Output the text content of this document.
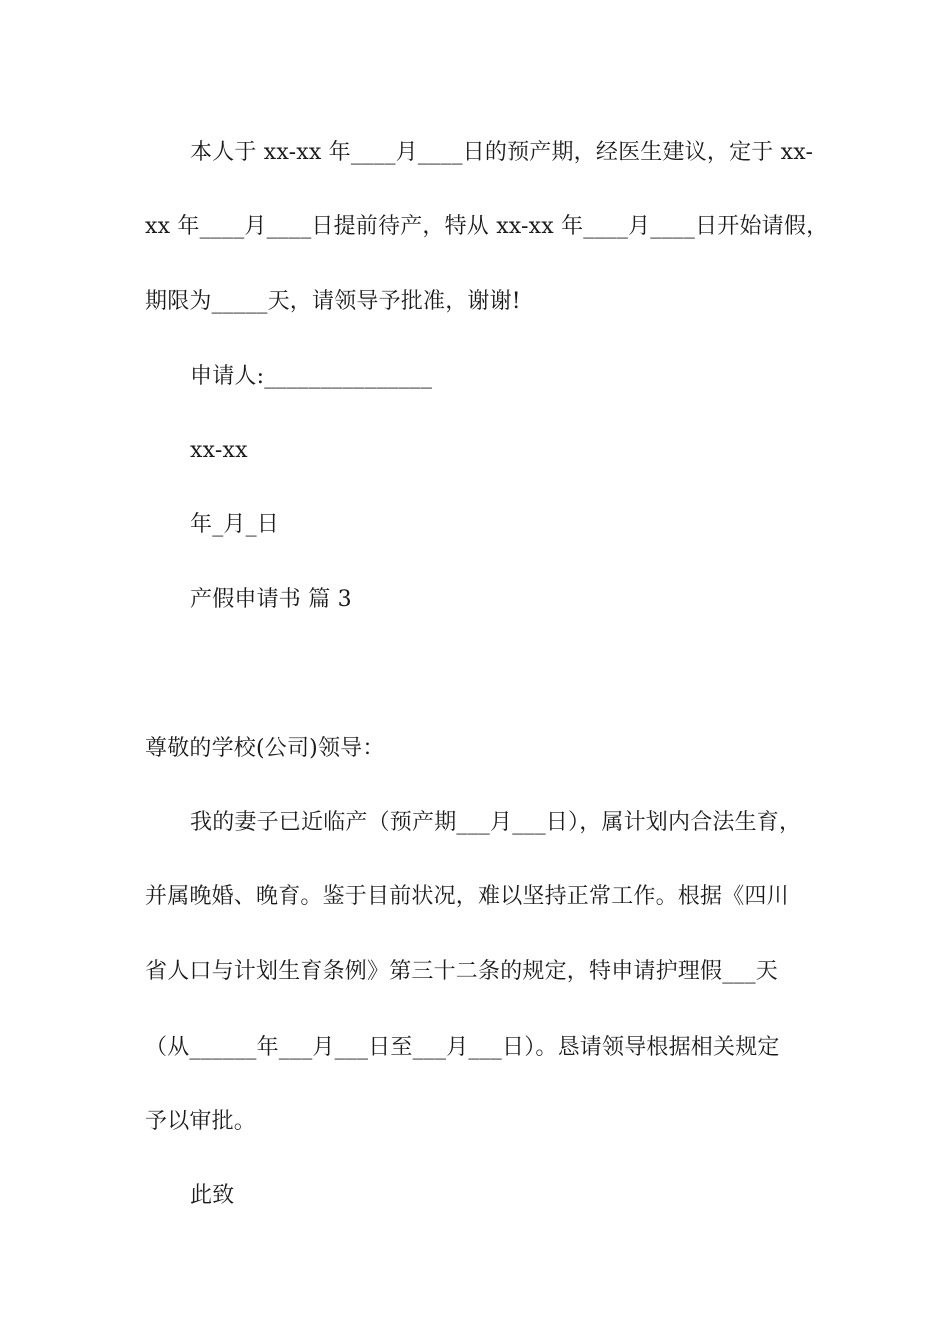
本人于 xx-xx 年____月____日的预产期，经医生建议，定于 xx-
xx 年____月____日提前待产，特从 xx-xx 年____月____日开始请假，
期限为_____天，请领导予批准，谢谢!
申请人:_______________
xx-xx
年_月_日
产假申请书 篇 3
尊敬的学校(公司)领导：
我的妻子已近临产（预产期___月___日），属计划内合法生育，
并属晚婚、晚育。鉴于目前状况，难以坚持正常工作。根据《四川
省人口与计划生育条例》第三十二条的规定，特申请护理假___天
（从______年___月___日至___月___日）。恳请领导根据相关规定
予以审批。
此致
